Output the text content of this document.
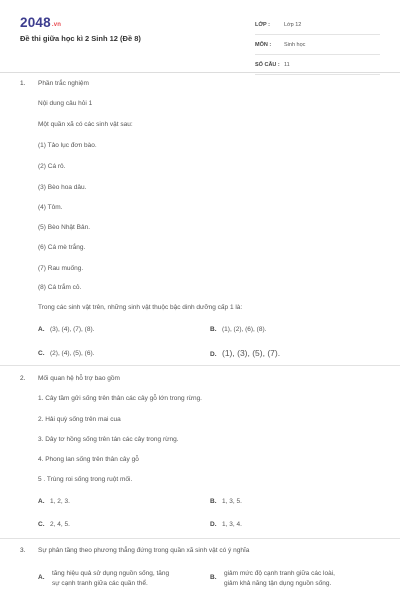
2048.vn
Đề thi giữa học kì 2 Sinh 12 (Đề 8)
LỚP :	Lớp 12
MÔN :	Sinh học
SỐ CÂU : 11
1. Phần trắc nghiệm
Nội dung câu hỏi 1
Một quần xã có các sinh vật sau:
(1) Tảo lục đơn bào.
(2) Cá rô.
(3) Bèo hoa dâu.
(4) Tôm.
(5) Bèo Nhật Bản.
(6) Cá mè trắng.
(7) Rau muống.
(8) Cá trắm cỏ.
Trong các sinh vật trên, những sinh vật thuộc bậc dinh dưỡng cấp 1 là:
A. (3), (4), (7), (8).	B. (1), (2), (6), (8).
C. (2), (4), (5), (6).	D. (1), (3), (5), (7).
2. Mối quan hệ hỗ trợ bao gồm
1. Cây tầm gửi sống trên thân các cây gỗ lớn trong rừng.
2. Hải quỳ sống trên mai cua
3. Dây tơ hồng sống trên tán các cây trong rừng.
4. Phong lan sống trên thân cây gỗ
5 . Trùng roi sống trong ruột mối.
A. 1, 2, 3.	B. 1, 3, 5.
C. 2, 4, 5.	D. 1, 3, 4.
3. Sự phân tầng theo phương thẳng đứng trong quần xã sinh vật có ý nghĩa
A.
tăng hiệu quả sử dụng nguồn sống, tăng
sự cạnh tranh giữa các quần thể.
B.
giảm mức độ cạnh tranh giữa các loài,
giảm khả năng tận dụng nguồn sống.
